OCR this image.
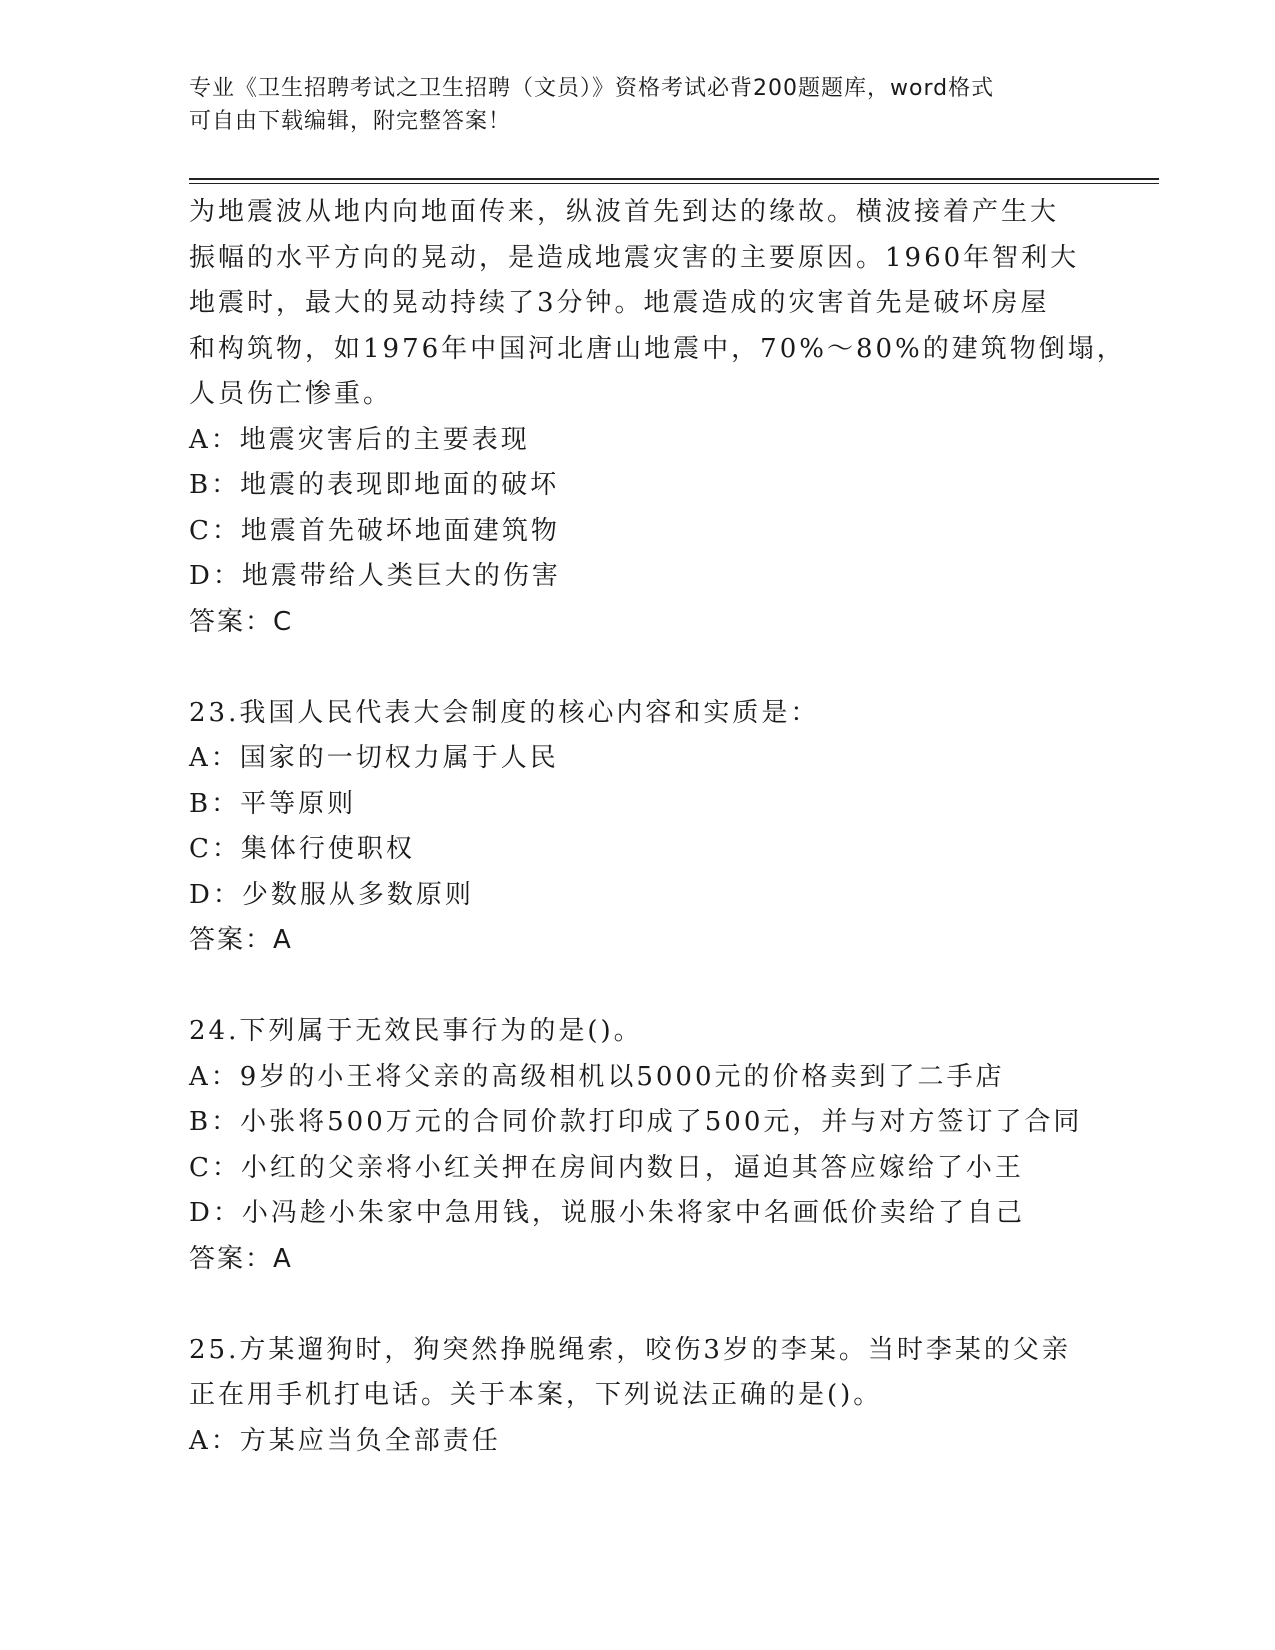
专业《卫生招聘考试之卫生招聘（文员）》资格考试必背200题题库，word格式
可自由下载编辑，附完整答案！
为地震波从地内向地面传来，纵波首先到达的缘故。横波接着产生大
振幅的水平方向的晃动，是造成地震灾害的主要原因。1960年智利大
地震时，最大的晃动持续了3分钟。地震造成的灾害首先是破坏房屋
和构筑物，如1976年中国河北唐山地震中，70%～80%的建筑物倒塌，
人员伤亡惨重。
A：地震灾害后的主要表现
B：地震的表现即地面的破坏
C：地震首先破坏地面建筑物
D：地震带给人类巨大的伤害
答案：C
23.我国人民代表大会制度的核心内容和实质是：
A：国家的一切权力属于人民
B：平等原则
C：集体行使职权
D：少数服从多数原则
答案：A
24.下列属于无效民事行为的是()。
A：9岁的小王将父亲的高级相机以5000元的价格卖到了二手店
B：小张将500万元的合同价款打印成了500元，并与对方签订了合同
C：小红的父亲将小红关押在房间内数日，逼迫其答应嫁给了小王
D：小冯趁小朱家中急用钱，说服小朱将家中名画低价卖给了自己
答案：A
25.方某遛狗时，狗突然挣脱绳索，咬伤3岁的李某。当时李某的父亲
正在用手机打电话。关于本案，下列说法正确的是()。
A：方某应当负全部责任
